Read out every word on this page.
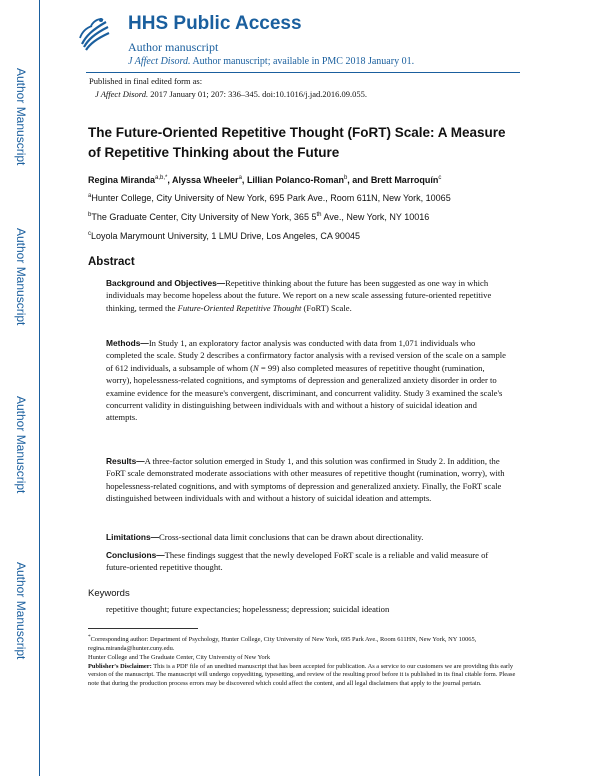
Author Manuscript
Author Manuscript
Author Manuscript
Author Manuscript
HHS Public Access
Author manuscript
J Affect Disord. Author manuscript; available in PMC 2018 January 01.
Published in final edited form as:
J Affect Disord. 2017 January 01; 207: 336–345. doi:10.1016/j.jad.2016.09.055.
The Future-Oriented Repetitive Thought (FoRT) Scale: A Measure of Repetitive Thinking about the Future
Regina Miranda$^{a,b,*}$, Alyssa Wheeler$^a$, Lillian Polanco-Roman$^b$, and Brett Marroquín$^c$
$^a$Hunter College, City University of New York, 695 Park Ave., Room 611N, New York, 10065
$^b$The Graduate Center, City University of New York, 365 5th Ave., New York, NY 10016
$^c$Loyola Marymount University, 1 LMU Drive, Los Angeles, CA 90045
Abstract

Background and Objectives—Repetitive thinking about the future has been suggested as one way in which individuals may become hopeless about the future. We report on a new scale assessing future-oriented repetitive thinking, termed the Future-Oriented Repetitive Thought (FoRT) Scale.

Methods—In Study 1, an exploratory factor analysis was conducted with data from 1,071 individuals who completed the scale. Study 2 describes a confirmatory factor analysis with a revised version of the scale on a sample of 612 individuals, a subsample of whom (N = 99) also completed measures of repetitive thought (rumination, worry), hopelessness-related cognitions, and symptoms of depression and generalized anxiety disorder in order to examine evidence for the measure's convergent, discriminant, and concurrent validity. Study 3 examined the scale's concurrent validity in distinguishing between individuals with and without a history of suicidal ideation and attempts.

Results—A three-factor solution emerged in Study 1, and this solution was confirmed in Study 2. In addition, the FoRT scale demonstrated moderate associations with other measures of repetitive thought (rumination, worry), with hopelessness-related cognitions, and with symptoms of depression and generalized anxiety. Finally, the FoRT scale distinguished between individuals with and without a history of suicidal ideation and attempts.

Limitations—Cross-sectional data limit conclusions that can be drawn about directionality.

Conclusions—These findings suggest that the newly developed FoRT scale is a reliable and valid measure of future-oriented repetitive thought.

Keywords
repetitive thought; future expectancies; hopelessness; depression; suicidal ideation

*Corresponding author: Department of Psychology, Hunter College, City University of New York, 695 Park Ave., Room 611HN, New York, NY 10065, regina.miranda@hunter.cuny.edu.

Hunter College and The Graduate Center, City University of New York

Publisher's Disclaimer: This is a PDF file of an unedited manuscript that has been accepted for publication. As a service to our customers we are providing this early version of the manuscript. The manuscript will undergo copyediting, typesetting, and review of the resulting proof before it is published in its final citable form. Please note that during the production process errors may be discovered which could affect the content, and all legal disclaimers that apply to the journal pertain.
